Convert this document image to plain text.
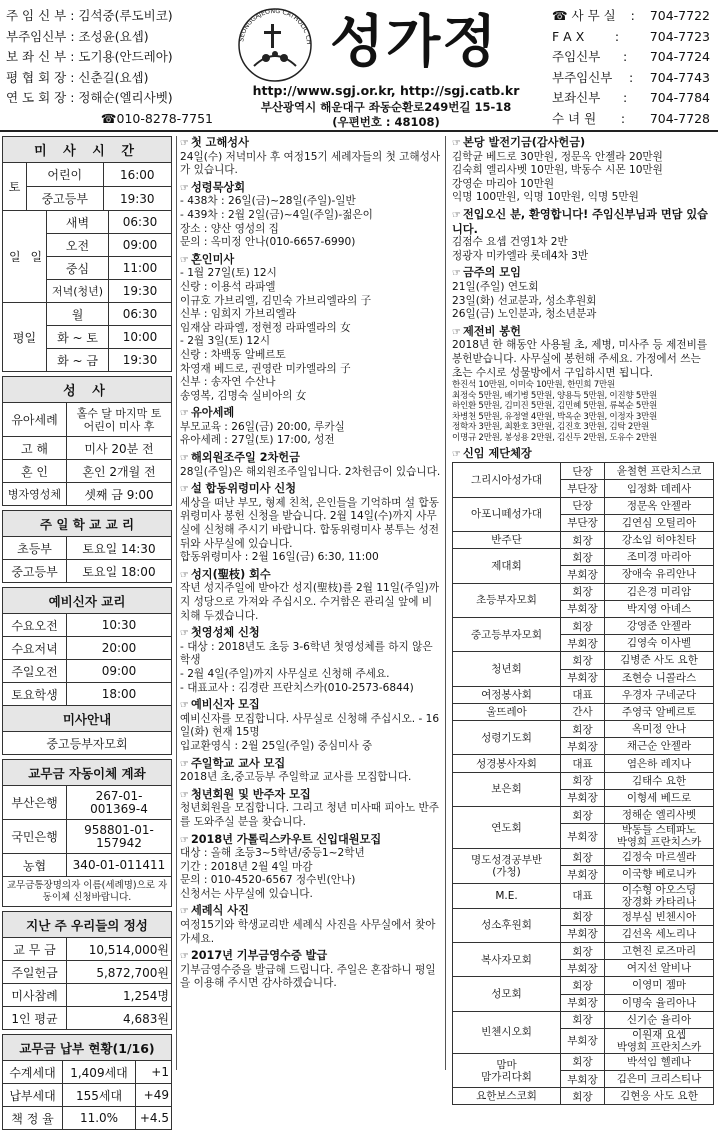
주 임 신 부 : 김석중(루도비코)
부주임신부 : 조성윤(요셉)
보 좌 신 부 : 도기용(안드레아)
평 협 회 장 : 신춘길(요셉)
연 도 회 장 : 정해순(엘리사벳)
☎010-8278-7751
SEONGGAJEONG CATHOLIC CH 성가정
http://www.sgj.or.kr, http://sgj.catb.kr
부산광역시 해운대구 좌동순환로249번길 15-18
(우편번호 : 48108)
☎ 사 무 실 : 704-7722
F A X : 704-7723
주임신부 : 704-7724
부주임신부 : 704-7743
보좌신부 : 704-7784
수 녀 원 : 704-7728
미 사 시 간
토	
어린이	16:00

중고등부	19:30
일	일	새벽	06:30
		오전	09:00
		중심	11:00
		저녁(청년)	19:30
평일	월	06:30
	화 ~ 토	10:00
	화 ~ 금	19:30
성 사	
유아세례	홀수 달 마지막 토
어린이 미사 후
고 해	미사 20분 전
혼 인	혼인 2개월 전
병자영성체	셋째 금 9:00
주 일 학 교 교 리	
초등부	토요일 14:30
중고등부	토요일 18:00
예비신자 교리	
수요오전	10:30
수요저녁	20:00
주일오전	09:00
토요학생	18:00
미사안내	
중고등부자모회	
교무금 자동이체 계좌	
부산은행	267-01-
001369-4
국민은행	958801-01-
157942
농협	340-01-011411
교무금통장명의자 이름(세례명)으로 자동이체 신청바랍니다.	
지난 주 우리들의 정성	
교 무 금	10,514,000원
주일헌금	5,872,700원
미사참례	1,254명
1인 평균	4,683원
교무금 납부 현황(1/16)		
수계세대	1,409세대	+1
납부세대	155세대	+49
책 정 율	11.0%	+4.5
☞ 첫 고해성사
24일(수) 저녁미사 후 여정15기 세례자들의 첫 고해성사가 있습니다.
☞ 성령묵상회
- 438차 : 26일(금)~28일(주일)-일반
- 439차 : 2월 2일(금)~4일(주일)-젊은이
장소 : 양산 영성의 집
문의 : 옥미정 안나(010-6657-6990)
☞ 혼인미사
- 1월 27일(토) 12시
신랑 : 이용석 라파엘
이규호 가브리엘, 김민숙 가브리엘라의 子
신부 : 임희지 가브리엘라
임재삼 라파엘, 정현정 라파엘라의 女
- 2월 3일(토) 12시
신랑 : 차백동 알베르토
차영재 베드로, 권영란 미카엘라의 子
신부 : 송자연 수산나
송영복, 김명숙 실비아의 女
☞ 유아세례
부모교육 : 26일(금) 20:00, 루카실
유아세례 : 27일(토) 17:00, 성전
☞ 해외원조주일 2차헌금
28일(주일)은 해외원조주일입니다. 2차헌금이 있습니다.
☞ 설 합동위령미사 신청
세상을 떠난 부모, 형제 친척, 은인들을 기억하며 설 합동위령미사 봉헌 신청을 받습니다. 2월 14일(수)까지 사무실에 신청해 주시기 바랍니다. 합동위령미사 봉투는 성전 뒤와 사무실에 있습니다.
합동위령미사 : 2월 16일(금) 6:30, 11:00
☞ 성지(聖枝) 회수
작년 성지주일에 받아간 성지(聖枝)를 2월 11일(주일)까지 성당으로 가져와 주십시오. 수거함은 관리실 앞에 비치해 두겠습니다.
☞ 첫영성체 신청
- 대상 : 2018년도 초등 3-6학년 첫영성체를 하지 않은 학생
- 2월 4일(주일)까지 사무실로 신청해 주세요.
- 대표교사 : 김경란 프란치스카(010-2573-6844)
☞ 예비신자 모집
예비신자를 모집합니다. 사무실로 신청해 주십시오. - 16일(화) 현재 15명
입교환영식 : 2월 25일(주일) 중심미사 중
☞ 주일학교 교사 모집
2018년 초,중고등부 주일학교 교사를 모집합니다.
☞ 청년회원 및 반주자 모집
청년회원을 모집합니다. 그리고 청년 미사때 피아노 반주를 도와주실 분을 찾습니다.
☞ 2018년 가톨릭스카우트 신입대원모집
대상 : 올해 초등3~5학년/중등1~2학년
기간 : 2018년 2월 4일 마감
문의 : 010-4520-6567 정수빈(안나)
신청서는 사무실에 있습니다.
☞ 세례식 사진
여정15기와 학생교리반 세례식 사진을 사무실에서 찾아 가세요.
☞ 2017년 기부금영수증 발급
기부금영수증을 발급해 드립니다. 주일은 혼잡하니 평일을 이용해 주시면 감사하겠습니다.
☞ 본당 발전기금(감사헌금)
김학균 베드로 30만원, 정문옥 안젤라 20만원
김숙희 엘리사벳 10만원, 박동수 시몬 10만원
강영순 마리아 10만원
익명 100만원, 익명 10만원, 익명 5만원
☞ 전입오신 분, 환영합니다! 주임신부님과 면담 있습니다.
김점수 요셉 건영1차 2반
정광자 미카엘라 롯데4차 3반
☞ 금주의 모임
21일(주일) 연도회
23일(화) 선교분과, 성소후원회
26일(금) 노인분과, 청소년분과
☞ 제전비 봉헌
2018년 한 해동안 사용될 초, 제병, 미사주 등 제전비를 봉헌받습니다. 사무실에 봉헌해 주세요. 가정에서 쓰는 초는 수시로 성물방에서 구입하시면 됩니다.
한진석 10만원, 이미숙 10만원, 한민희 7만원
최정숙 5만원, 배기병 5만원, 양용득 5만원, 이진향 5만원
하인환 5만원, 김미진 5만원, 김민혜 5만원, 류복순 5만원
차병천 5만원, 유정열 4만원, 박옥순 3만원, 이정자 3만원
정학자 3만원, 최환호 3만원, 김진호 3만원, 김탁 2만원
이명규 2만원, 봉성용 2만원, 김신두 2만원, 도유수 2만원
☞ 신임 제단체장
그리시아성가대	단장	윤철현 프란치스코
	부단장	임정화 데레사
아포니떼성가대	단장	정문옥 안젤라
	부단장	김연심 오틸리아
반주단	회장	강소임 히야친타
제대회	회장	조미경 마리아
	부회장	장애숙 유리안나
초등부자모회	회장	김은경 미리암
	부회장	박지영 아녜스
중고등부자모회	회장	강영준 안젤라
	부회장	김영숙 이사벨
청년회	회장	김병준 사도 요한
	부회장	조현승 니콜라스
여정봉사회	대표	우경자 구네군다
울뜨레아	간사	주영국 알베르토
성령기도회	회장	옥미정 안나
	부회장	채근순 안젤라
성경봉사자회	대표	염은하 레지나
보은회	회장	김태수 요한
	부회장	이형세 베드로
연도회	회장	정해순 엘리사벳
	부회장	박동들 스테파노
박영희 프란치스카
명도성경공부반
(가청)	회장	김정숙 마르셀라
	부회장	이국향 베로니카
M.E.	대표	이수형 아오스딩
장경화 카타리나
성소후원회	회장	정부심 빈첸시아
	부회장	김선옥 세노리나
복사자모회	회장	고현진 로즈마리
	부회장	여지선 알비나
성모회	회장	이영미 젬마
	부회장	이명숙 율리아나
빈첸시오회	회장	신기순 율리아
	부회장	이원재 요셉
박영희 프란치스카
맘마
맘가리다회	회장	박석임 헬레나
	부회장	김은미 크리스티나
요한보스코회	회장	김현응 사도 요한
